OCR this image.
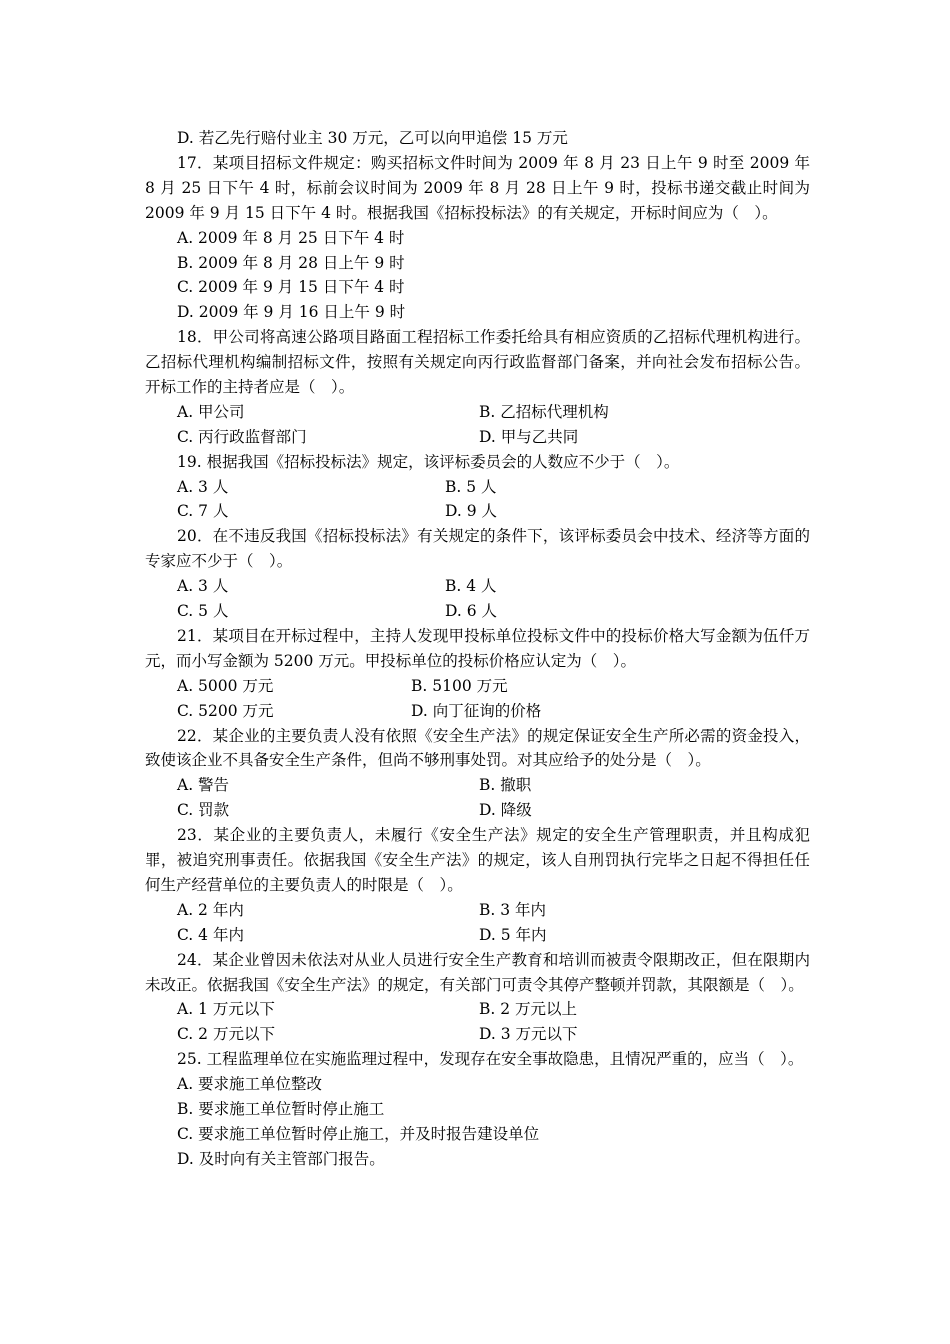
D. 若乙先行赔付业主 30 万元，乙可以向甲追偿 15 万元
17．某项目招标文件规定：购买招标文件时间为 2009 年 8 月 23 日上午 9 时至 2009 年 8 月 25 日下午 4 时，标前会议时间为 2009 年 8 月 28 日上午 9 时，投标书递交截止时间为 2009 年 9 月 15 日下午 4 时。根据我国《招标投标法》的有关规定，开标时间应为（　）。
A. 2009 年 8 月 25 日下午 4 时
B. 2009 年 8 月 28 日上午 9 时
C. 2009 年 9 月 15 日下午 4 时
D. 2009 年 9 月 16 日上午 9 时
18．甲公司将高速公路项目路面工程招标工作委托给具有相应资质的乙招标代理机构进行。乙招标代理机构编制招标文件，按照有关规定向丙行政监督部门备案，并向社会发布招标公告。开标工作的主持者应是（　）。
A. 甲公司	B. 乙招标代理机构
C. 丙行政监督部门	D. 甲与乙共同
19. 根据我国《招标投标法》规定，该评标委员会的人数应不少于（　）。
A. 3 人	B. 5 人
C. 7 人	D. 9 人
20．在不违反我国《招标投标法》有关规定的条件下，该评标委员会中技术、经济等方面的专家应不少于（　）。
A. 3 人	B. 4 人
C. 5 人	D. 6 人
21．某项目在开标过程中，主持人发现甲投标单位投标文件中的投标价格大写金额为伍仟万元，而小写金额为 5200 万元。甲投标单位的投标价格应认定为（　）。
A. 5000 万元	B. 5100 万元
C. 5200 万元	D. 向丁征询的价格
22．某企业的主要负责人没有依照《安全生产法》的规定保证安全生产所必需的资金投入，致使该企业不具备安全生产条件，但尚不够刑事处罚。对其应给予的处分是（　）。
A. 警告	B. 撤职
C. 罚款	D. 降级
23．某企业的主要负责人，未履行《安全生产法》规定的安全生产管理职责，并且构成犯罪，被追究刑事责任。依据我国《安全生产法》的规定，该人自刑罚执行完毕之日起不得担任任何生产经营单位的主要负责人的时限是（　）。
A. 2 年内	B. 3 年内
C. 4 年内	D. 5 年内
24．某企业曾因未依法对从业人员进行安全生产教育和培训而被责令限期改正，但在限期内未改正。依据我国《安全生产法》的规定，有关部门可责令其停产整顿并罚款，其限额是（　）。
A. 1 万元以下	B. 2 万元以上
C. 2 万元以下	D. 3 万元以下
25. 工程监理单位在实施监理过程中，发现存在安全事故隐患，且情况严重的，应当（　）。
A. 要求施工单位整改
B. 要求施工单位暂时停止施工
C. 要求施工单位暂时停止施工，并及时报告建设单位
D. 及时向有关主管部门报告。
